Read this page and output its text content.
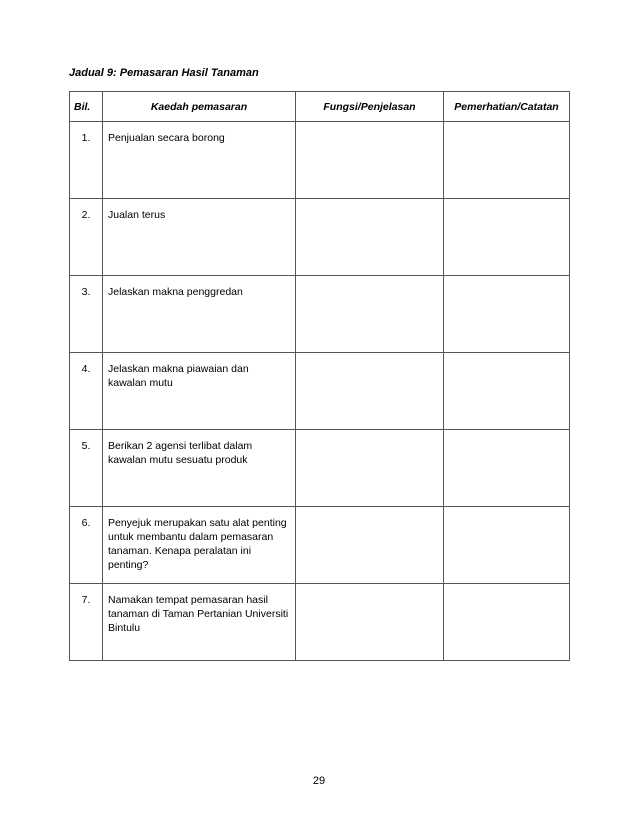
Jadual 9: Pemasaran Hasil Tanaman
Bil.	Kaedah pemasaran	Fungsi/Penjelasan	Pemerhatian/Catatan

1.	Penjualan secara borong		

2.	Jualan terus		

3.	Jelaskan makna penggredan		

4.	Jelaskan makna piawaian dan kawalan mutu		

5.	Berikan 2 agensi terlibat dalam kawalan mutu sesuatu produk		

6.	Penyejuk merupakan satu alat penting untuk membantu dalam pemasaran tanaman. Kenapa peralatan ini penting?		

7.	Namakan tempat pemasaran hasil tanaman di Taman Pertanian Universiti Bintulu		

29
